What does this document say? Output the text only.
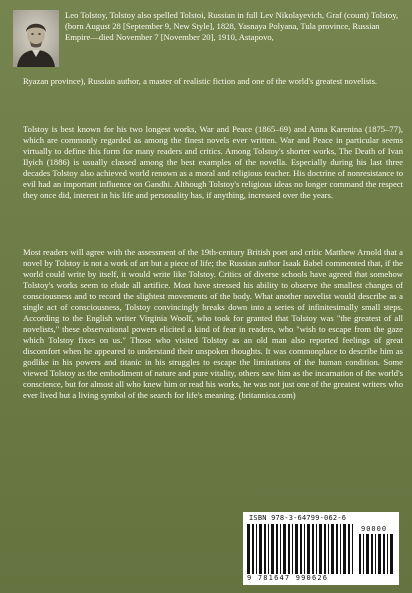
Leo Tolstoy, Tolstoy also spelled Tolstoi, Russian in full Lev Nikolayevich, Graf (count) Tolstoy, (born August 28 [September 9, New Style], 1828, Yasnaya Polyana, Tula province, Russian Empire—died November 7 [November 20], 1910, Astapovo,
Ryazan province), Russian author, a master of realistic fiction and one of the world's greatest novelists.
Tolstoy is best known for his two longest works, War and Peace (1865–69) and Anna Karenina (1875–77), which are commonly regarded as among the finest novels ever written. War and Peace in particular seems virtually to define this form for many readers and critics. Among Tolstoy's shorter works, The Death of Ivan Ilyich (1886) is usually classed among the best examples of the novella. Especially during his last three decades Tolstoy also achieved world renown as a moral and religious teacher. His doctrine of nonresistance to evil had an important influence on Gandhi. Although Tolstoy's religious ideas no longer command the respect they once did, interest in his life and personality has, if anything, increased over the years.
Most readers will agree with the assessment of the 19th-century British poet and critic Matthew Arnold that a novel by Tolstoy is not a work of art but a piece of life; the Russian author Isaak Babel commented that, if the world could write by itself, it would write like Tolstoy. Critics of diverse schools have agreed that somehow Tolstoy's works seem to elude all artifice. Most have stressed his ability to observe the smallest changes of consciousness and to record the slightest movements of the body. What another novelist would describe as a single act of consciousness, Tolstoy convincingly breaks down into a series of infinitesimally small steps. According to the English writer Virginia Woolf, who took for granted that Tolstoy was "the greatest of all novelists," these observational powers elicited a kind of fear in readers, who "wish to escape from the gaze which Tolstoy fixes on us." Those who visited Tolstoy as an old man also reported feelings of great discomfort when he appeared to understand their unspoken thoughts. It was commonplace to describe him as godlike in his powers and titanic in his struggles to escape the limitations of the human condition. Some viewed Tolstoy as the embodiment of nature and pure vitality, others saw him as the incarnation of the world's conscience, but for almost all who knew him or read his works, he was not just one of the greatest writers who ever lived but a living symbol of the search for life's meaning. (britannica.com)
ISBN 978-3-64799-062-6
90000
9 781647 990626
